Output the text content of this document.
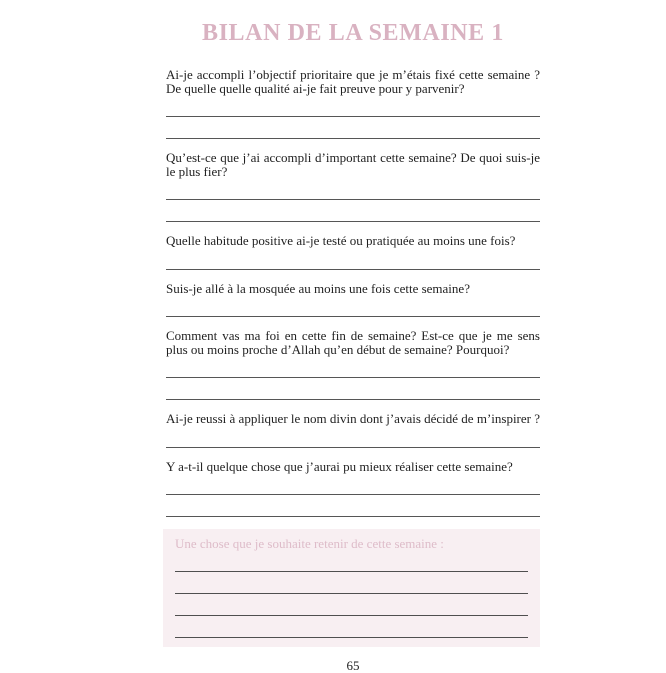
BILAN DE LA SEMAINE 1

Ai-je accompli l’objectif prioritaire que je m’étais fixé cette semaine ? De quelle quelle qualité ai-je fait preuve pour y parvenir?

Qu’est-ce que j’ai accompli d’important cette semaine? De quoi suis-je le plus fier?

Quelle habitude positive ai-je testé ou pratiquée au moins une fois?

Suis-je allé à la mosquée au moins une fois cette semaine?

Comment vas ma foi en cette fin de semaine? Est-ce que je me sens plus ou moins proche d’Allah qu’en début de semaine? Pourquoi?

Ai-je reussi à appliquer le nom divin dont j’avais décidé de m’inspirer ?

Y a-t-il quelque chose que j’aurai pu mieux réaliser cette semaine?

Une chose que je souhaite retenir de cette semaine :

65
